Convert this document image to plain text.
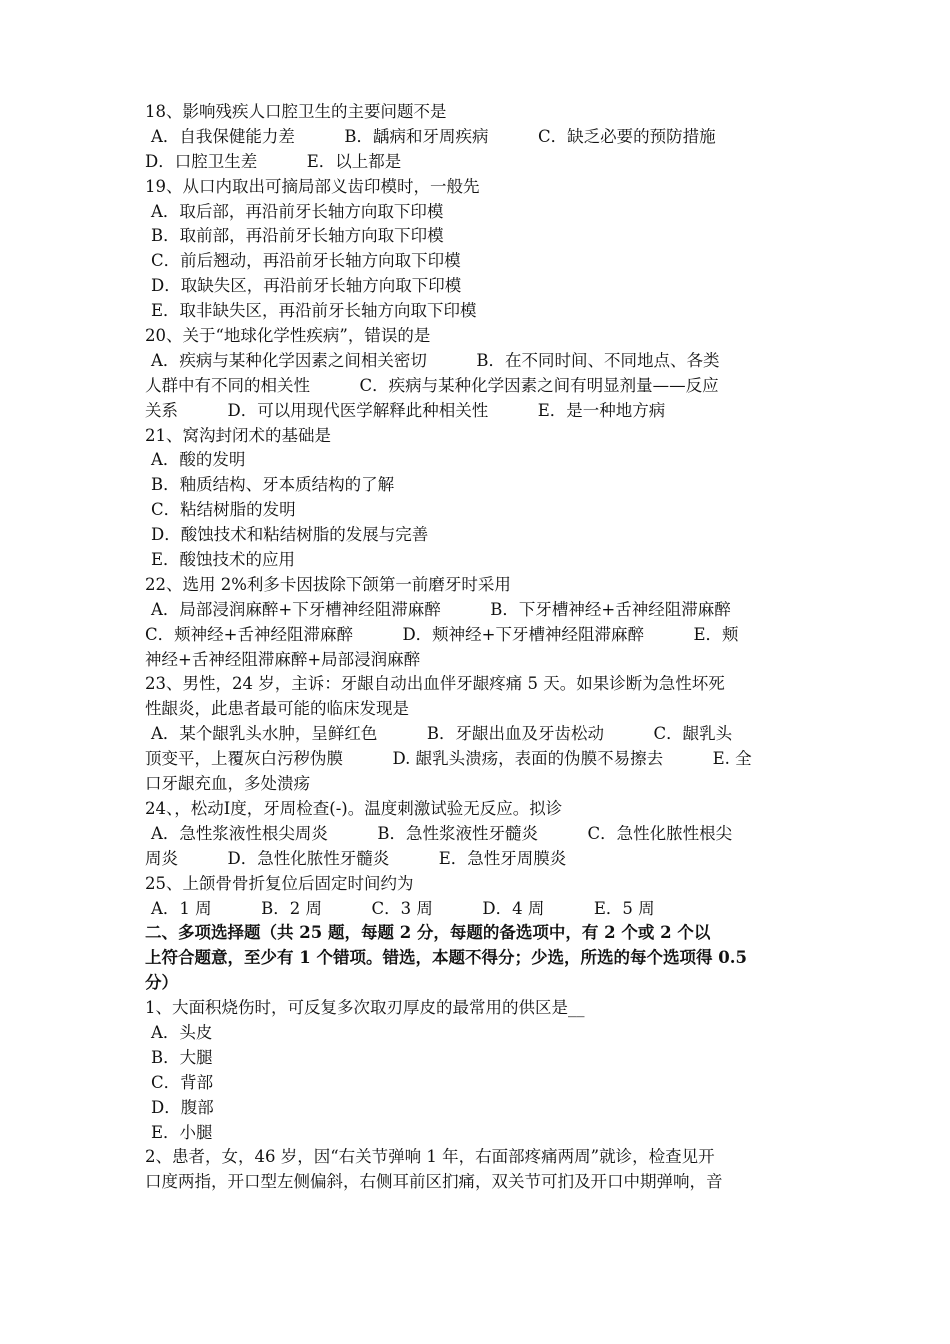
18、影响残疾人口腔卫生的主要问题不是
A．自我保健能力差　　　B．龋病和牙周疾病　　　C．缺乏必要的预防措施
D．口腔卫生差　　　E．以上都是
19、从口内取出可摘局部义齿印模时，一般先
A．取后部，再沿前牙长轴方向取下印模
B．取前部，再沿前牙长轴方向取下印模
C．前后翘动，再沿前牙长轴方向取下印模
D．取缺失区，再沿前牙长轴方向取下印模
E．取非缺失区，再沿前牙长轴方向取下印模
20、关于“地球化学性疾病”，错误的是
A．疾病与某种化学因素之间相关密切　　　B．在不同时间、不同地点、各类
人群中有不同的相关性　　　C．疾病与某种化学因素之间有明显剂量——反应
关系　　　D．可以用现代医学解释此种相关性　　　E．是一种地方病
21、窝沟封闭术的基础是
A．酸的发明
B．釉质结构、牙本质结构的了解
C．粘结树脂的发明
D．酸蚀技术和粘结树脂的发展与完善
E．酸蚀技术的应用
22、选用 2%利多卡因拔除下颌第一前磨牙时采用
A．局部浸润麻醉+下牙槽神经阻滞麻醉　　　B．下牙槽神经+舌神经阻滞麻醉
C．颊神经+舌神经阻滞麻醉　　　D．颊神经+下牙槽神经阻滞麻醉　　　E．颊
神经+舌神经阻滞麻醉+局部浸润麻醉
23、男性，24 岁，主诉：牙龈自动出血伴牙龈疼痛 5 天。如果诊断为急性坏死
性龈炎，此患者最可能的临床发现是
A．某个龈乳头水肿，呈鲜红色　　　B．牙龈出血及牙齿松动　　　C．龈乳头
顶变平，上覆灰白污秽伪膜　　　D. 龈乳头溃疡，表面的伪膜不易擦去　　　E. 全
口牙龈充血，多处溃疡
24、，松动Ⅰ度，牙周检查(-)。温度刺激试验无反应。拟诊
A．急性浆液性根尖周炎　　　B．急性浆液性牙髓炎　　　C．急性化脓性根尖
周炎　　　D．急性化脓性牙髓炎　　　E．急性牙周膜炎
25、上颌骨骨折复位后固定时间约为
A．1 周　　　B．2 周　　　C．3 周　　　D．4 周　　　E．5 周
二、多项选择题（共 25 题，每题 2 分，每题的备选项中，有 2 个或 2 个以
上符合题意，至少有 1 个错项。错选，本题不得分；少选，所选的每个选项得 0.5
分）
1、大面积烧伤时，可反复多次取刃厚皮的最常用的供区是__
A．头皮
B．大腿
C．背部
D．腹部
E．小腿
2、患者，女，46 岁，因“右关节弹响 1 年，右面部疼痛两周”就诊，检查见开
口度两指，开口型左侧偏斜，右侧耳前区扪痛，双关节可扪及开口中期弹响，音
